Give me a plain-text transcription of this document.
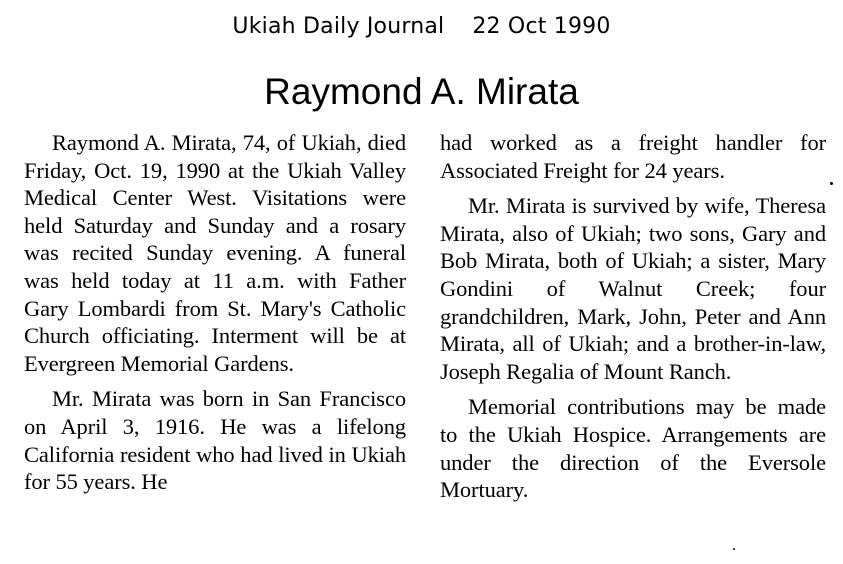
Ukiah Daily Journal 22 Oct 1990
Raymond A. Mirata

Raymond A. Mirata, 74, of Ukiah, died Friday, Oct. 19, 1990 at the Ukiah Valley Medical Center West. Visitations were held Saturday and Sunday and a rosary was recited Sunday evening. A funeral was held today at 11 a.m. with Father Gary Lombardi from St. Mary's Catholic Church officiating. Interment will be at Evergreen Memorial Gardens.

Mr. Mirata was born in San Francisco on April 3, 1916. He was a lifelong California resident who had lived in Ukiah for 55 years. He

had worked as a freight handler for Associated Freight for 24 years.

Mr. Mirata is survived by wife, Theresa Mirata, also of Ukiah; two sons, Gary and Bob Mirata, both of Ukiah; a sister, Mary Gondini of Walnut Creek; four grandchildren, Mark, John, Peter and Ann Mirata, all of Ukiah; and a brother-in-law, Joseph Regalia of Mount Ranch.

Memorial contributions may be made to the Ukiah Hospice. Arrangements are under the direction of the Eversole Mortuary.
